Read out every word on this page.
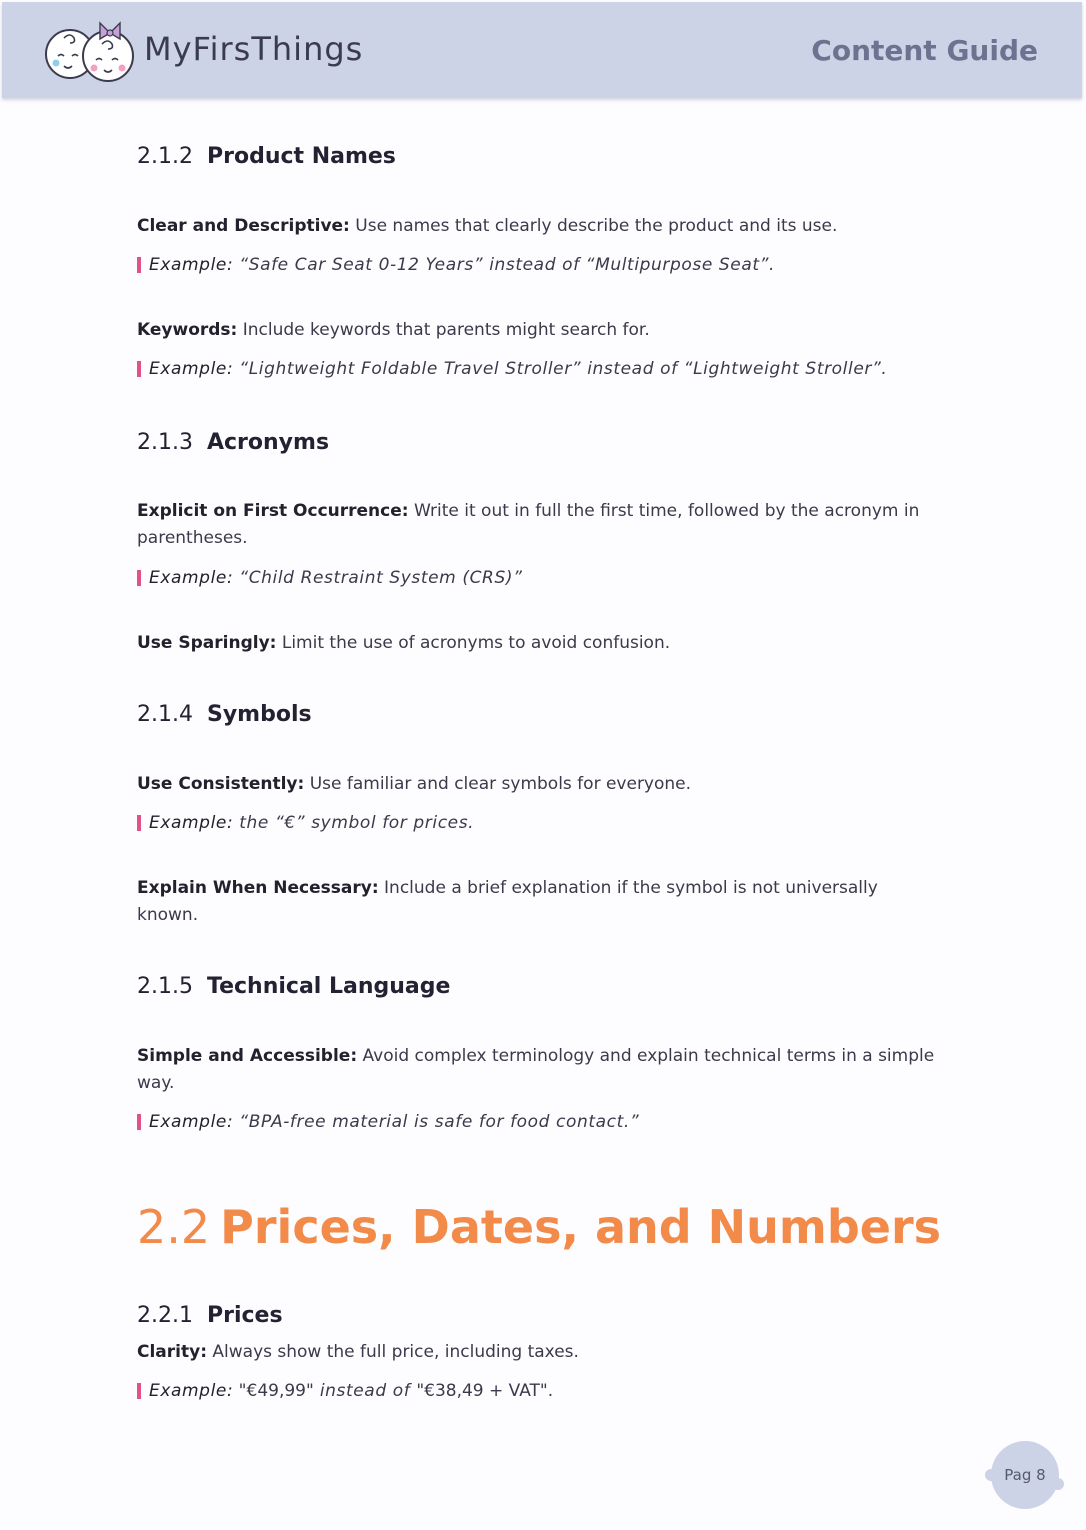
MyFirsThings	Content Guide
2.1.2 Product Names
Clear and Descriptive: Use names that clearly describe the product and its use.
Example: “Safe Car Seat 0-12 Years” instead of “Multipurpose Seat”.
Keywords: Include keywords that parents might search for.
Example: “Lightweight Foldable Travel Stroller” instead of “Lightweight Stroller”.
2.1.3 Acronyms
Explicit on First Occurrence: Write it out in full the first time, followed by the acronym in parentheses.
Example: “Child Restraint System (CRS)”
Use Sparingly: Limit the use of acronyms to avoid confusion.
2.1.4 Symbols
Use Consistently: Use familiar and clear symbols for everyone.
Example: the “€” symbol for prices.
Explain When Necessary: Include a brief explanation if the symbol is not universally known.
2.1.5 Technical Language
Simple and Accessible: Avoid complex terminology and explain technical terms in a simple way.
Example: “BPA-free material is safe for food contact.”
2.2 Prices, Dates, and Numbers
2.2.1 Prices
Clarity: Always show the full price, including taxes.
Example: "€49,99" instead of "€38,49 + VAT".
Pag 8
